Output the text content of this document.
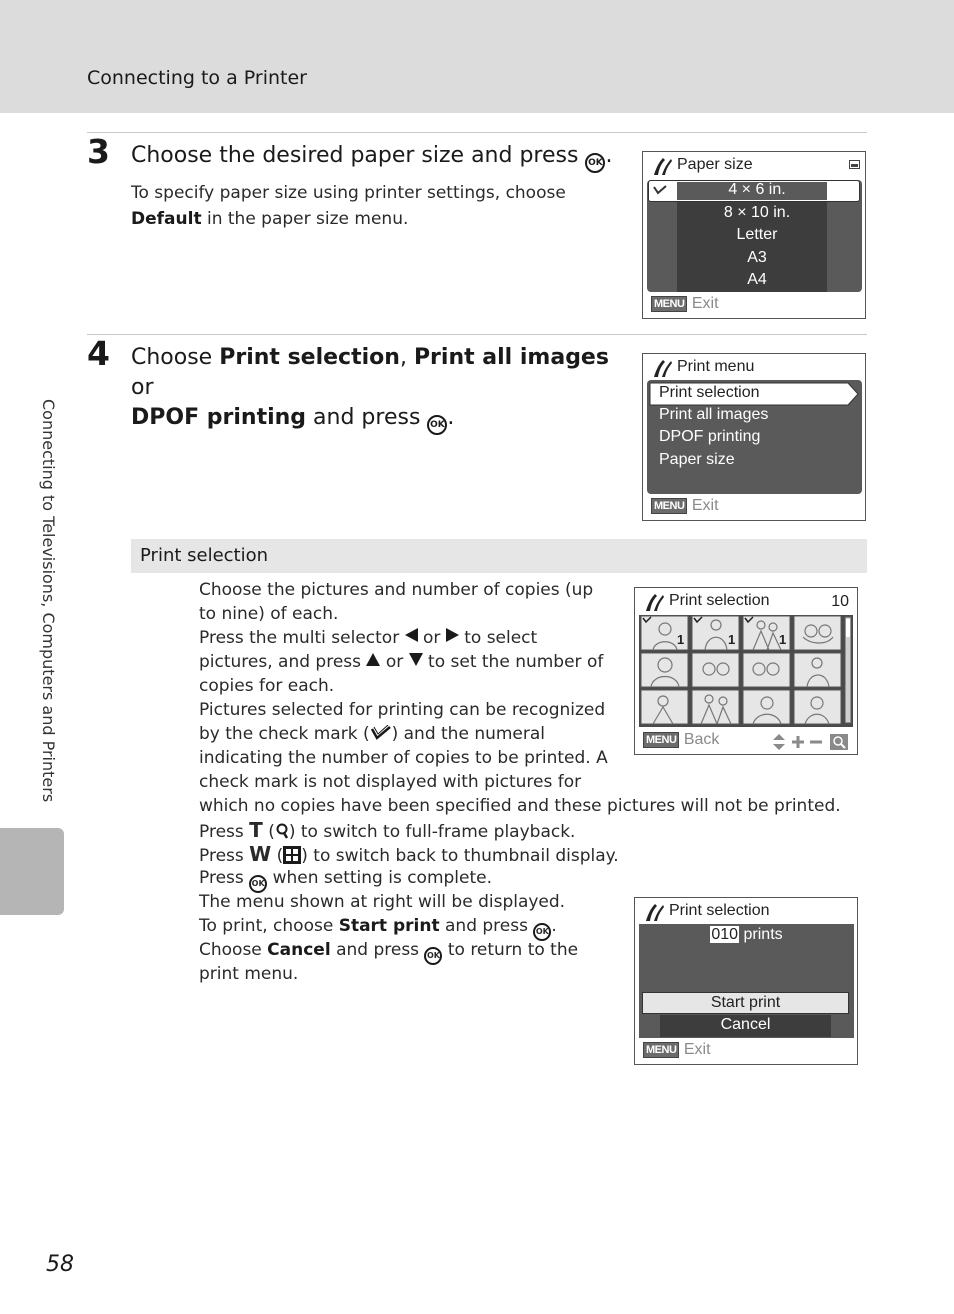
Connecting to a Printer
Connecting to Televisions, Computers and Printers
3 Choose the desired paper size and press OK .
To specify paper size using printer settings, choose
Default in the paper size menu.
Paper size
4 × 6 in.
8 × 10 in.
Letter
A3
A4
MENU Exit
4 Choose Print selection, Print all images or
DPOF printing and press OK .
Print menu
Print selection
Print all images
DPOF printing
Paper size
MENU Exit
Print selection
Choose the pictures and number of copies (up
to nine) of each.
Press the multi selector or to select
pictures, and press or to set the number of
copies for each.
Pictures selected for printing can be recognized
by the check mark ( ) and the numeral
indicating the number of copies to be printed. A
check mark is not displayed with pictures for
which no copies have been specified and these pictures will not be printed.
Press T ( ) to switch to full-frame playback.
Press W ( ) to switch back to thumbnail display.
Press OK when setting is complete.
The menu shown at right will be displayed.
To print, choose Start print and press OK .
Choose Cancel and press OK to return to the
print menu.
Print selection	10
1	1	1
MENU Back
Print selection
010 prints
Start print
Cancel
MENU Exit
58
